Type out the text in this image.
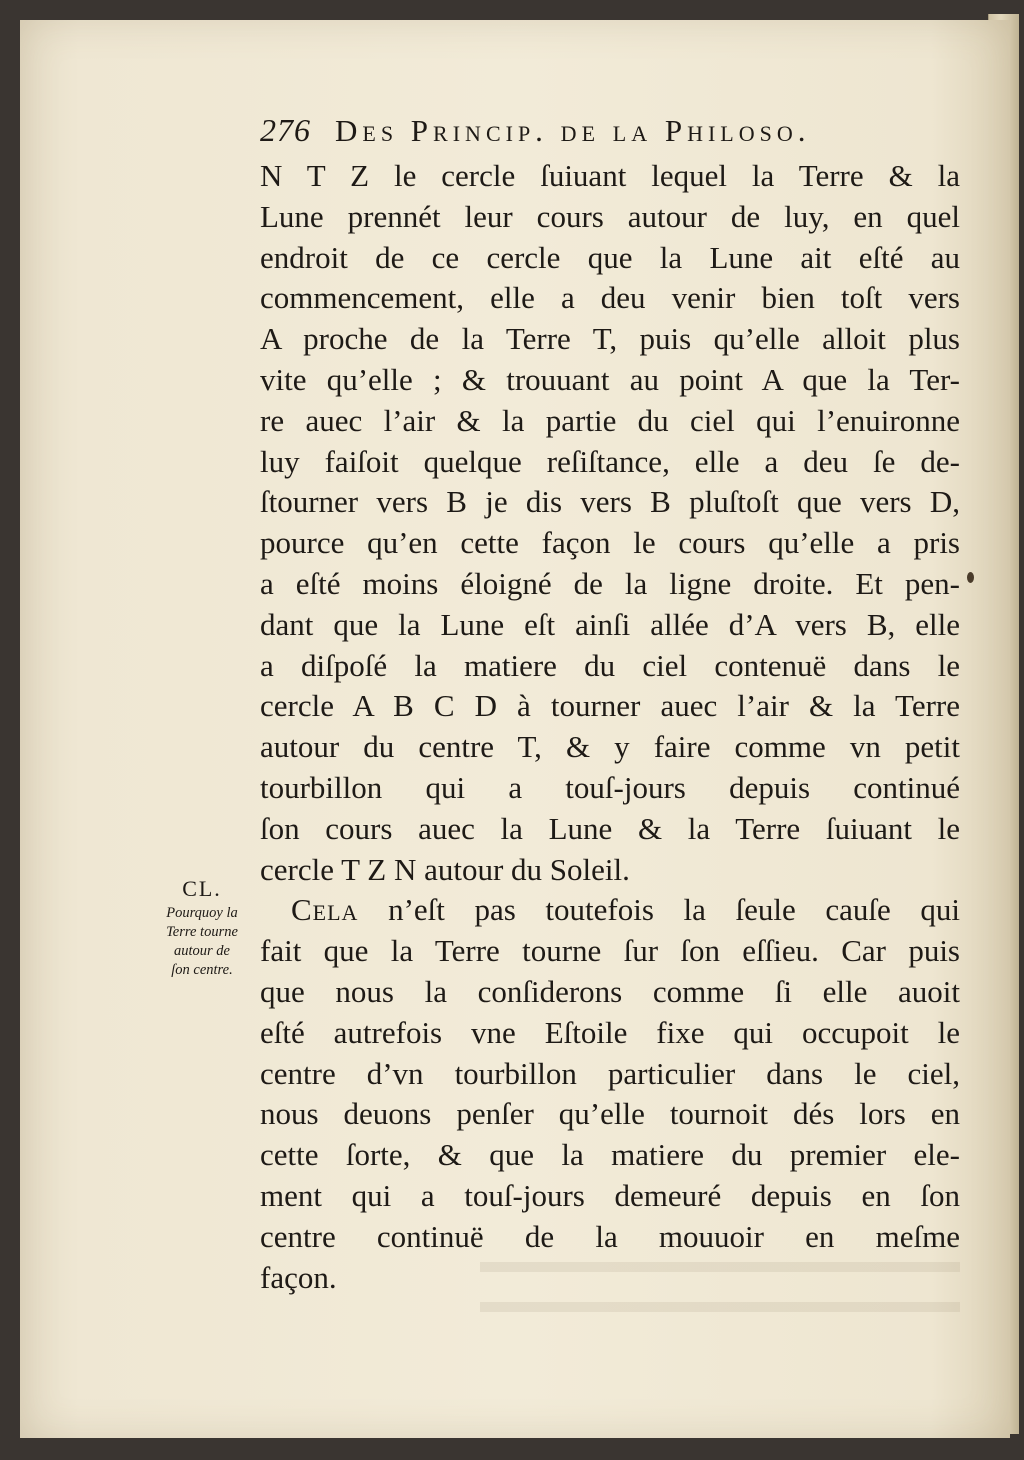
276 Des Princip. de la Philoso.
N T Z le cercle ſuiuant lequel la Terre & la
Lune prennét leur cours autour de luy, en quel
endroit de ce cercle que la Lune ait eſté au
commencement, elle a deu venir bien toſt vers
A proche de la Terre T, puis qu’elle alloit plus
vite qu’elle ; & trouuant au point A que la Ter-
re auec l’air & la partie du ciel qui l’enuironne
luy faiſoit quelque reſiſtance, elle a deu ſe de-
ſtourner vers B je dis vers B pluſtoſt que vers D,
pource qu’en cette façon le cours qu’elle a pris
a eſté moins éloigné de la ligne droite. Et pen-
dant que la Lune eſt ainſi allée d’A vers B, elle
a diſpoſé la matiere du ciel contenuë dans le
cercle A B C D à tourner auec l’air & la Terre
autour du centre T, & y faire comme vn petit
tourbillon qui a touſ-jours depuis continué
ſon cours auec la Lune & la Terre ſuiuant le
cercle T Z N autour du Soleil.
 Cela n’eſt pas toutefois la ſeule cauſe qui
fait que la Terre tourne ſur ſon eſſieu. Car puis
que nous la conſiderons comme ſi elle auoit
eſté autrefois vne Eſtoile fixe qui occupoit le
centre d’vn tourbillon particulier dans le ciel,
nous deuons penſer qu’elle tournoit dés lors en
cette ſorte, & que la matiere du premier ele-
ment qui a touſ-jours demeuré depuis en ſon
centre continuë de la mouuoir en meſme
façon.
CL.
Pourquoy la
Terre tourne
autour de
ſon centre.
